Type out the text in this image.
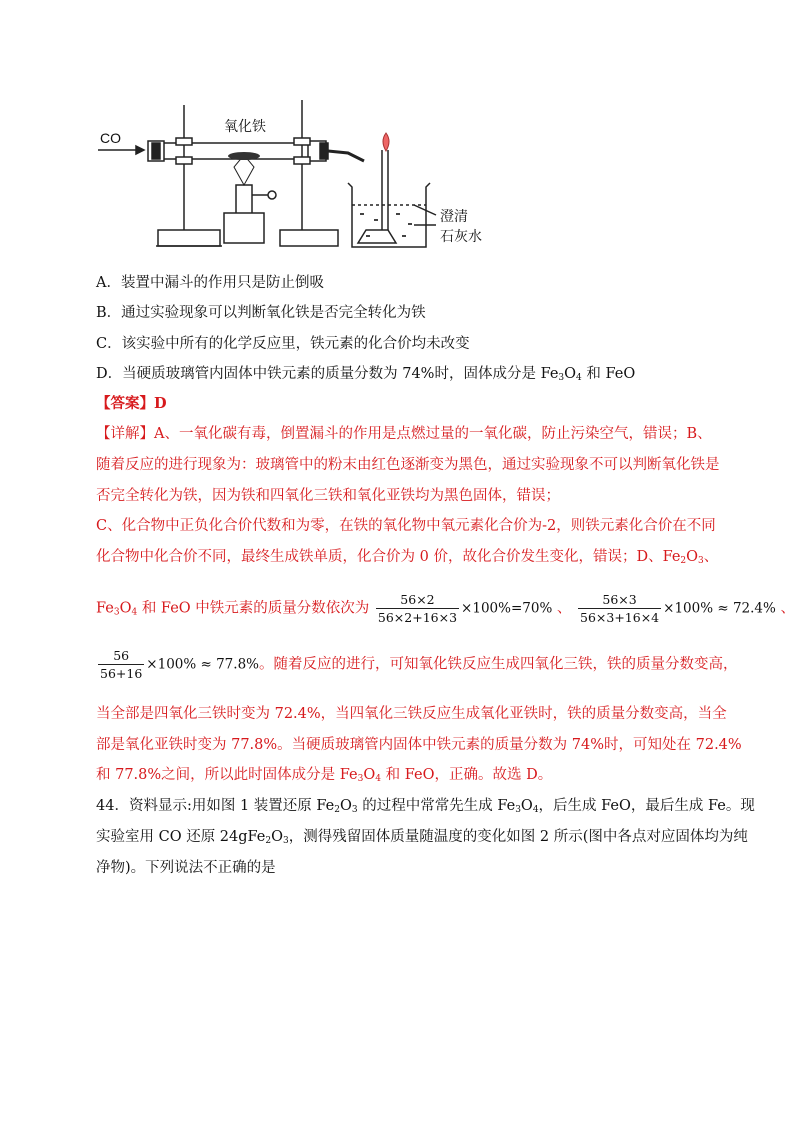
CO
氧化铁
澄清
石灰水
A．装置中漏斗的作用只是防止倒吸
B．通过实验现象可以判断氧化铁是否完全转化为铁
C．该实验中所有的化学反应里，铁元素的化合价均未改变
D．当硬质玻璃管内固体中铁元素的质量分数为 74%时，固体成分是 $Fe_3O_4$ 和 FeO
【答案】D
【详解】A、一氧化碳有毒，倒置漏斗的作用是点燃过量的一氧化碳，防止污染空气，错误；B、
随着反应的进行现象为：玻璃管中的粉末由红色逐渐变为黑色，通过实验现象不可以判断氧化铁是
否完全转化为铁，因为铁和四氧化三铁和氧化亚铁均为黑色固体，错误；
C、化合物中正负化合价代数和为零，在铁的氧化物中氧元素化合价为-2，则铁元素化合价在不同
化合物中化合价不同，最终生成铁单质，化合价为 0 价，故化合价发生变化，错误；D、$Fe_2O_3$、
$Fe_3O_4$ 和 FeO 中铁元素的质量分数依次为 $\frac{56\times 2}{56\times 2+16\times 3} \times 100\%=70\%$ 、 $\frac{56\times 3}{56\times 3+16\times 4} \times 100\% \approx 72.4\%$ 、
$\frac{56}{56+16} \times 100\% \approx 77.8\%$。随着反应的进行，可知氧化铁反应生成四氧化三铁，铁的质量分数变高，
当全部是四氧化三铁时变为 72.4%，当四氧化三铁反应生成氧化亚铁时，铁的质量分数变高，当全
部是氧化亚铁时变为 77.8%。当硬质玻璃管内固体中铁元素的质量分数为 74%时，可知处在 72.4%
和 77.8%之间，所以此时固体成分是 $Fe_3O_4$ 和 FeO，正确。故选 D。
44．资料显示:用如图 1 装置还原 $Fe_2O_3$ 的过程中常常先生成 $Fe_3O_4$，后生成 FeO，最后生成 Fe。现
实验室用 CO 还原 $24gFe_2O_3$，测得残留固体质量随温度的变化如图 2 所示(图中各点对应固体均为纯
净物)。下列说法不正确的是
